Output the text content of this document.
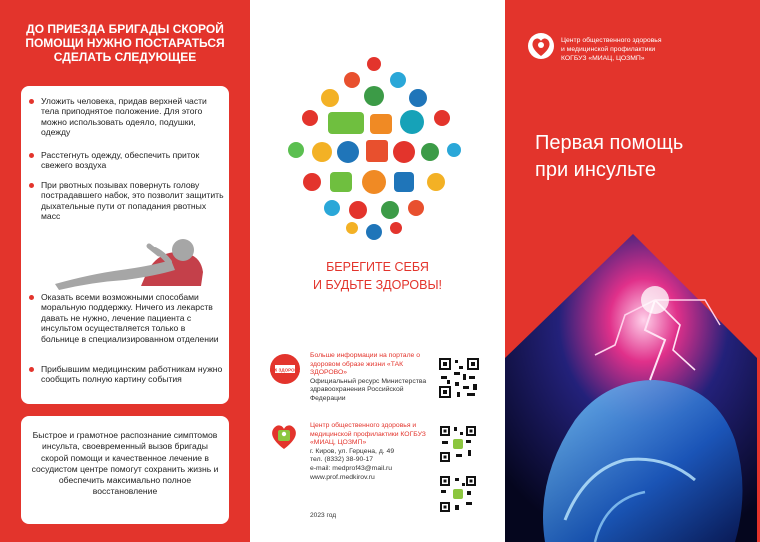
ДО ПРИЕЗДА БРИГАДЫ СКОРОЙ ПОМОЩИ НУЖНО ПОСТАРАТЬСЯ СДЕЛАТЬ СЛЕДУЮЩЕЕ
Уложить человека, придав верхней части тела приподнятое положение. Для этого можно использовать одеяло, подушки, одежду
Расстегнуть одежду, обеспечить приток свежего воздуха
При рвотных позывах повернуть голову пострадавшего набок, это позволит защитить дыхательные пути от попадания рвотных масс
Оказать всеми возможными способами моральную поддержку. Ничего из лекарств давать не нужно, лечение пациента с инсультом осуществляется только в больнице в специализированном отделении
Прибывшим медицинским работникам нужно сообщить полную картину события
Быстрое и грамотное распознание симптомов инсульта, своевременный вызов бригады скорой помощи и качественное лечение в сосудистом центре помогут сохранить жизнь и обеспечить максимально полное восстановление
БЕРЕГИТЕ СЕБЯ
И БУДЬТЕ ЗДОРОВЫ!
ТАК ЗДОРОВО
Больше информации на портале о здоровом образе жизни «ТАК ЗДОРОВО»
Официальный ресурс Министерства здравоохранения Российской Федерации
Центр общественного здоровья и медицинской профилактики КОГБУЗ «МИАЦ, ЦОЗМП»
г. Киров, ул. Герцена, д. 49
тел. (8332) 38-90-17
e-mail: medprof43@mail.ru
www.prof.medkirov.ru
2023 год
Центр общественного здоровья
и медицинской профилактики
КОГБУЗ «МИАЦ, ЦОЗМП»
Первая помощь
при инсульте
